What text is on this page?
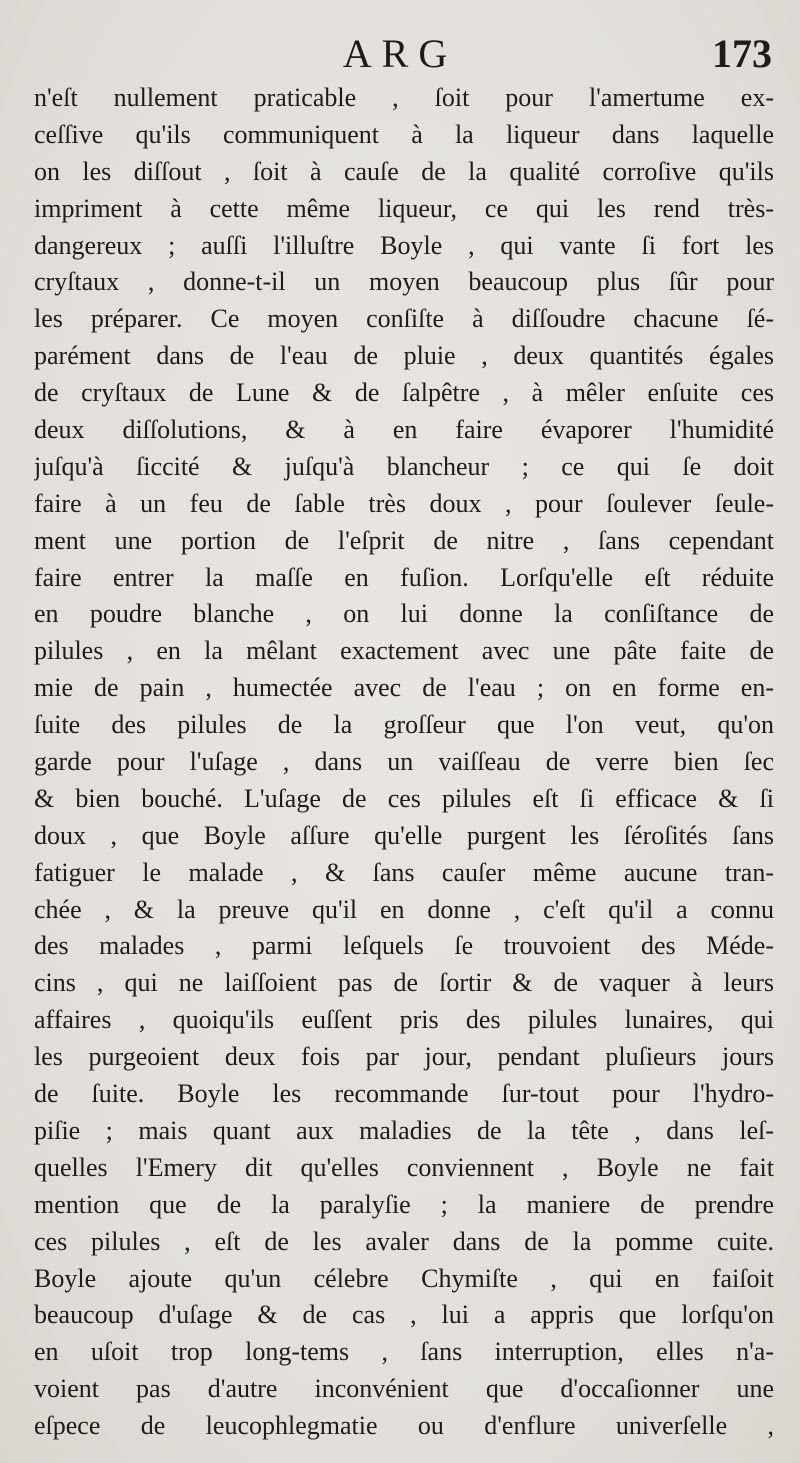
ARG	173
n'eſt nullement praticable , ſoit pour l'amertume ex-
ceſſive qu'ils communiquent à la liqueur dans laquelle
on les diſſout , ſoit à cauſe de la qualité corroſive qu'ils
impriment à cette même liqueur, ce qui les rend très-
dangereux ; auſſi l'illuſtre Boyle , qui vante ſi fort les
cryſtaux , donne-t-il un moyen beaucoup plus ſûr pour
les préparer. Ce moyen conſiſte à diſſoudre chacune ſé-
parément dans de l'eau de pluie , deux quantités égales
de cryſtaux de Lune & de ſalpêtre , à mêler enſuite ces
deux diſſolutions, & à en faire évaporer l'humidité
juſqu'à ſiccité & juſqu'à blancheur ; ce qui ſe doit
faire à un feu de ſable très doux , pour ſoulever ſeule-
ment une portion de l'eſprit de nitre , ſans cependant
faire entrer la maſſe en fuſion. Lorſqu'elle eſt réduite
en poudre blanche , on lui donne la conſiſtance de
pilules , en la mêlant exactement avec une pâte faite de
mie de pain , humectée avec de l'eau ; on en forme en-
ſuite des pilules de la groſſeur que l'on veut, qu'on
garde pour l'uſage , dans un vaiſſeau de verre bien ſec
& bien bouché. L'uſage de ces pilules eſt ſi efficace & ſi
doux , que Boyle aſſure qu'elle purgent les ſéroſités ſans
fatiguer le malade , & ſans cauſer même aucune tran-
chée , & la preuve qu'il en donne , c'eſt qu'il a connu
des malades , parmi leſquels ſe trouvoient des Méde-
cins , qui ne laiſſoient pas de ſortir & de vaquer à leurs
affaires , quoiqu'ils euſſent pris des pilules lunaires, qui
les purgeoient deux fois par jour, pendant pluſieurs jours
de ſuite. Boyle les recommande ſur-tout pour l'hydro-
piſie ; mais quant aux maladies de la tête , dans leſ-
quelles l'Emery dit qu'elles conviennent , Boyle ne fait
mention que de la paralyſie ; la maniere de prendre
ces pilules , eſt de les avaler dans de la pomme cuite.
Boyle ajoute qu'un célebre Chymiſte , qui en faiſoit
beaucoup d'uſage & de cas , lui a appris que lorſqu'on
en uſoit trop long-tems , ſans interruption, elles n'a-
voient pas d'autre inconvénient que d'occaſionner une
eſpece de leucophlegmatie ou d'enflure univerſelle ,
